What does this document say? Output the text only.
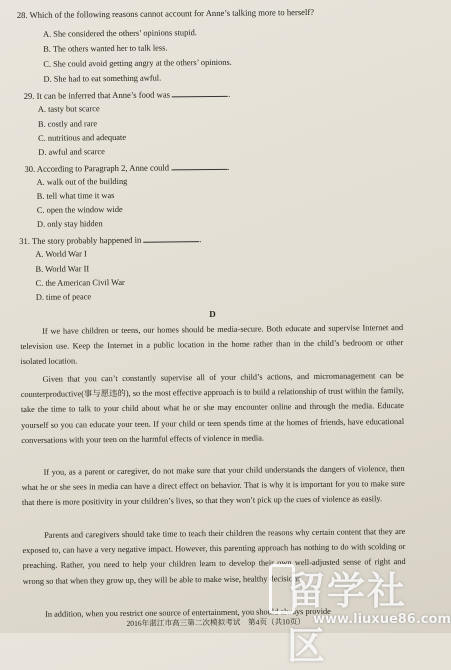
28. Which of the following reasons cannot account for Anne’s talking more to herself?
A. She considered the others’ opinions stupid.
B. The others wanted her to talk less.
C. She could avoid getting angry at the others’ opinions.
D. She had to eat something awful.
29. It can be inferred that Anne’s food was	.
A. tasty but scarce
B. costly and rare
C. nutritious and adequate
D. awful and scarce
30. According to Paragraph 2, Anne could	.
A. walk out of the building
B. tell what time it was
C. open the window wide
D. only stay hidden
31. The story probably happened in	.
A. World War I
B. World War II
C. the American Civil War
D. time of peace
D
If we have children or teens, our homes should be media-secure. Both educate and supervise Internet and television use. Keep the Internet in a public location in the home rather than in the child’s bedroom or other isolated location.
Given that you can’t constantly supervise all of your child’s actions, and micromanagement can be counterproductive(事与愿违的), so the most effective approach is to build a relationship of trust within the family, take the time to talk to your child about what he or she may encounter online and through the media. Educate yourself so you can educate your teen. If your child or teen spends time at the homes of friends, have educational conversations with your teen on the harmful effects of violence in media.
If you, as a parent or caregiver, do not make sure that your child understands the dangers of violence, then what he or she sees in media can have a direct effect on behavior. That is why it is important for you to make sure that there is more positivity in your children’s lives, so that they won’t pick up the cues of violence as easily.
Parents and caregivers should take time to teach their children the reasons why certain content that they are exposed to, can have a very negative impact. However, this parenting approach has nothing to do with scolding or preaching. Rather, you need to help your children learn to develop their own well-adjusted sense of right and wrong so that when they grow up, they will be able to make wise, healthy decisions.
In addition, when you restrict one source of entertainment, you should always provide
2016年湛江市高三第二次模拟考试　第4页（共10页）
留学社区
www.liuxue86.com
